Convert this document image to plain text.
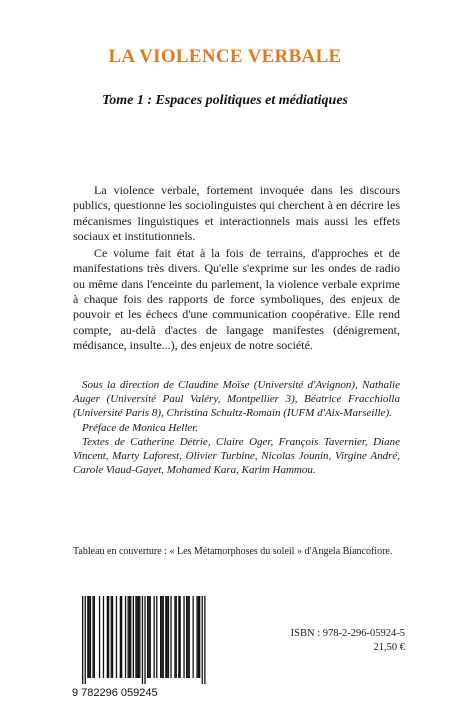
LA VIOLENCE VERBALE
Tome 1 : Espaces politiques et médiatiques

La violence verbale, fortement invoquée dans les discours publics, questionne les sociolinguistes qui cherchent à en décrire les mécanismes linguistiques et interactionnels mais aussi les effets sociaux et institutionnels.

Ce volume fait état à la fois de terrains, d'approches et de manifestations très divers. Qu'elle s'exprime sur les ondes de radio ou même dans l'enceinte du parlement, la violence verbale exprime à chaque fois des rapports de force symboliques, des enjeux de pouvoir et les échecs d'une communication coopérative. Elle rend compte, au-delà d'actes de langage manifestes (dénigrement, médisance, insulte...), des enjeux de notre société.

Sous la direction de Claudine Moïse (Université d'Avignon), Nathalie Auger (Université Paul Valéry, Montpellier 3), Béatrice Fracchiolla (Université Paris 8), Christina Schultz-Romain (IUFM d'Aix-Marseille).

Préface de Monica Heller.

Textes de Catherine Détrie, Claire Oger, François Tavernier, Diane Vincent, Marty Laforest, Olivier Turbine, Nicolas Jounin, Virgine André, Carole Viaud-Gayet, Mohamed Kara, Karim Hammou.

Tableau en couverture : « Les Métamorphoses du soleil » d'Angela Biancofiore.
9 782296 059245
ISBN : 978-2-296-05924-5
21,50 €
